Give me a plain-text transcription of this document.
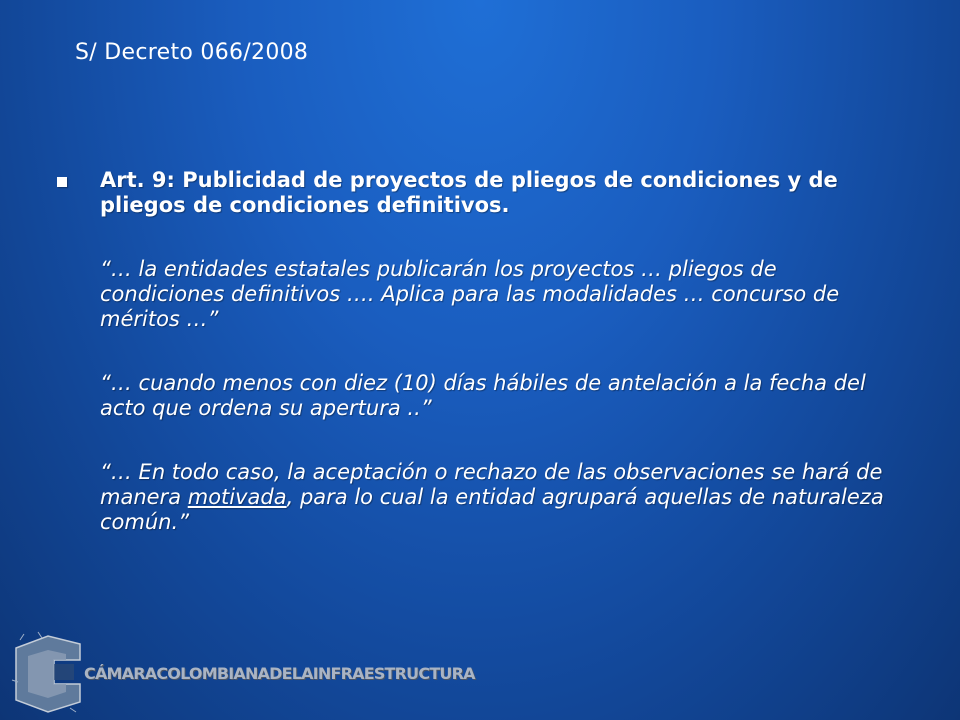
S/ Decreto 066/2008

Art. 9: Publicidad de proyectos de pliegos de condiciones y de pliegos de condiciones definitivos.

“… la entidades estatales publicarán los proyectos … pliegos de condiciones definitivos …. Aplica para las modalidades … concurso de méritos …”

“… cuando menos con diez (10) días hábiles de antelación a la fecha del acto que ordena su apertura ..”

“… En todo caso, la aceptación o rechazo de las observaciones se hará de manera motivada, para lo cual la entidad agrupará aquellas de naturaleza común.”

CÁMARACOLOMBIANADELAINFRAESTRUCTURA
